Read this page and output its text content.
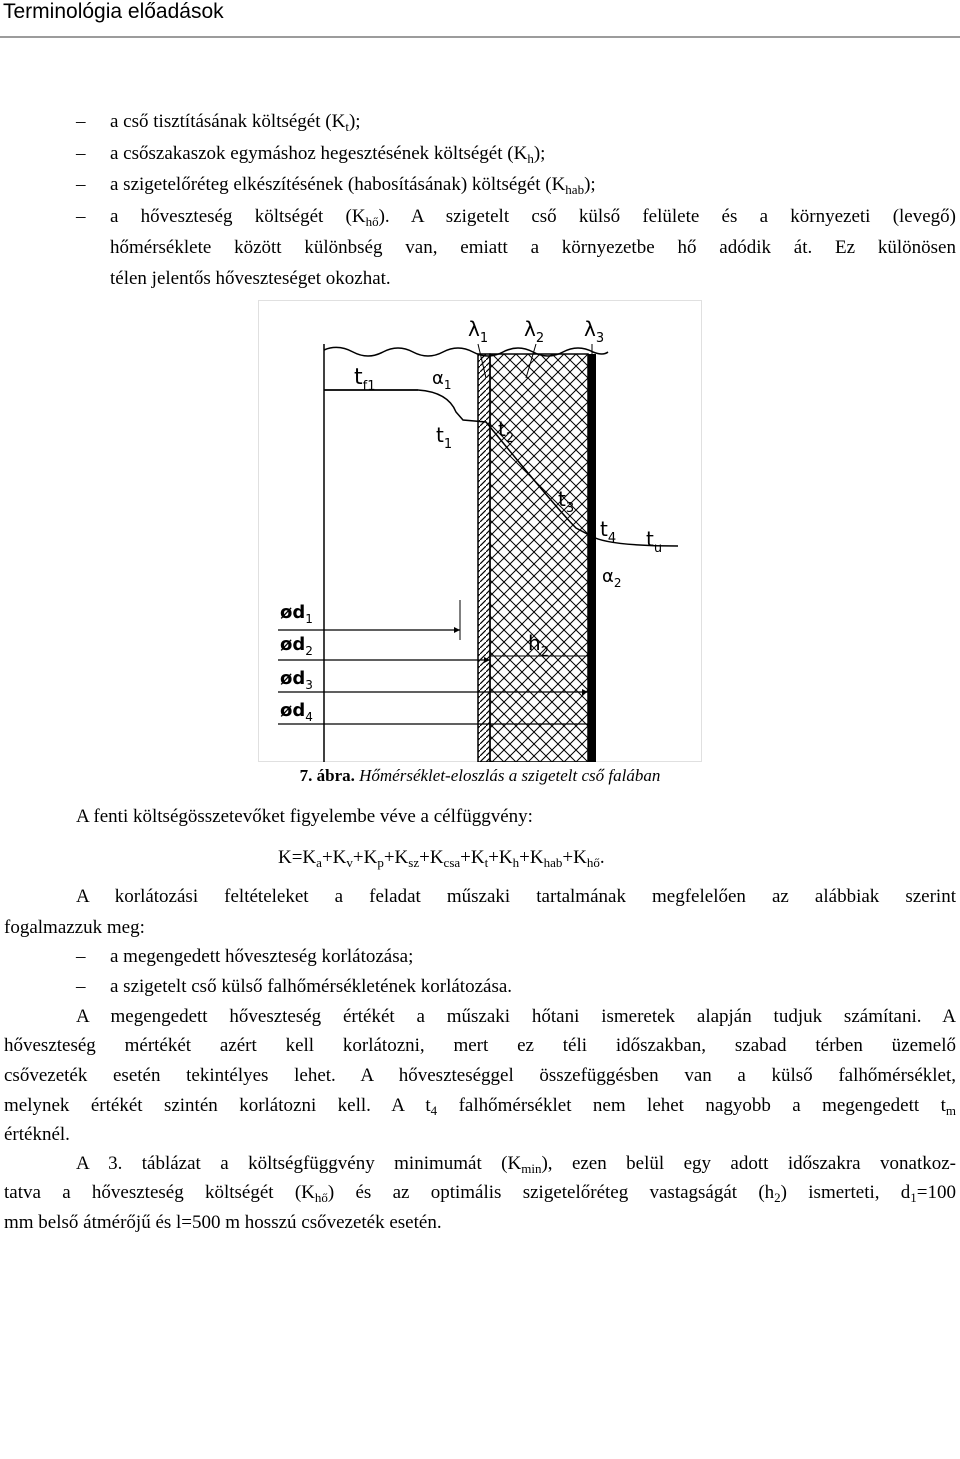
Terminológia előadások
– a cső tisztításának költségét $(K_t)$;
– a csőszakaszok egymáshoz hegesztésének költségét $(K_h)$;
– a szigetelőréteg elkészítésének (habosításának) költségét $(K_{hab})$;
– a hőveszteség költségét $(K_{hő})$. A szigetelt cső külső felülete és a környezeti (levegő)
hőmérséklete között különbség van, emiatt a környezetbe hő adódik át. Ez különösen
télen jelentős hőveszteséget okozhat.
$\lambda_1$ $\lambda_2$ $\lambda_3$
$t_{f1}$	$\alpha_1$
$t_1$
$t_2$
$t_3$
$t_4$ $t_u$
$\alpha_2$
$ød_1$
$ød_2$
$ød_3$
$ød_4$
$h_2$
7. ábra. Hőmérséklet-eloszlás a szigetelt cső falában
A fenti költségösszetevőket figyelembe véve a célfüggvény:
$K=K_a+K_v+K_p+K_{sz}+K_{csa}+K_t+K_h+K_{hab}+K_{hő}$.
A korlátozási feltételeket a feladat műszaki tartalmának megfelelően az alábbiak szerint
fogalmazzuk meg:
– a megengedett hőveszteség korlátozása;
– a szigetelt cső külső falhőmérsékletének korlátozása.
A megengedett hőveszteség értékét a műszaki hőtani ismeretek alapján tudjuk számítani. A
hőveszteség mértékét azért kell korlátozni, mert ez téli időszakban, szabad térben üzemelő
csővezeték esetén tekintélyes lehet. A hőveszteséggel összefüggésben van a külső falhőmérséklet,
melynek értékét szintén korlátozni kell. A $t_4$ falhőmérséklet nem lehet nagyobb a megengedett $t_m$
értéknél.
A 3. táblázat a költségfüggvény minimumát $(K_{min})$, ezen belül egy adott időszakra vonatkoz-
tatva a hőveszteség költségét $(K_{hő})$ és az optimális szigetelőréteg vastagságát $(h_2)$ ismerteti, $d_1=100$
mm belső átmérőjű és l=500 m hosszú csővezeték esetén.
